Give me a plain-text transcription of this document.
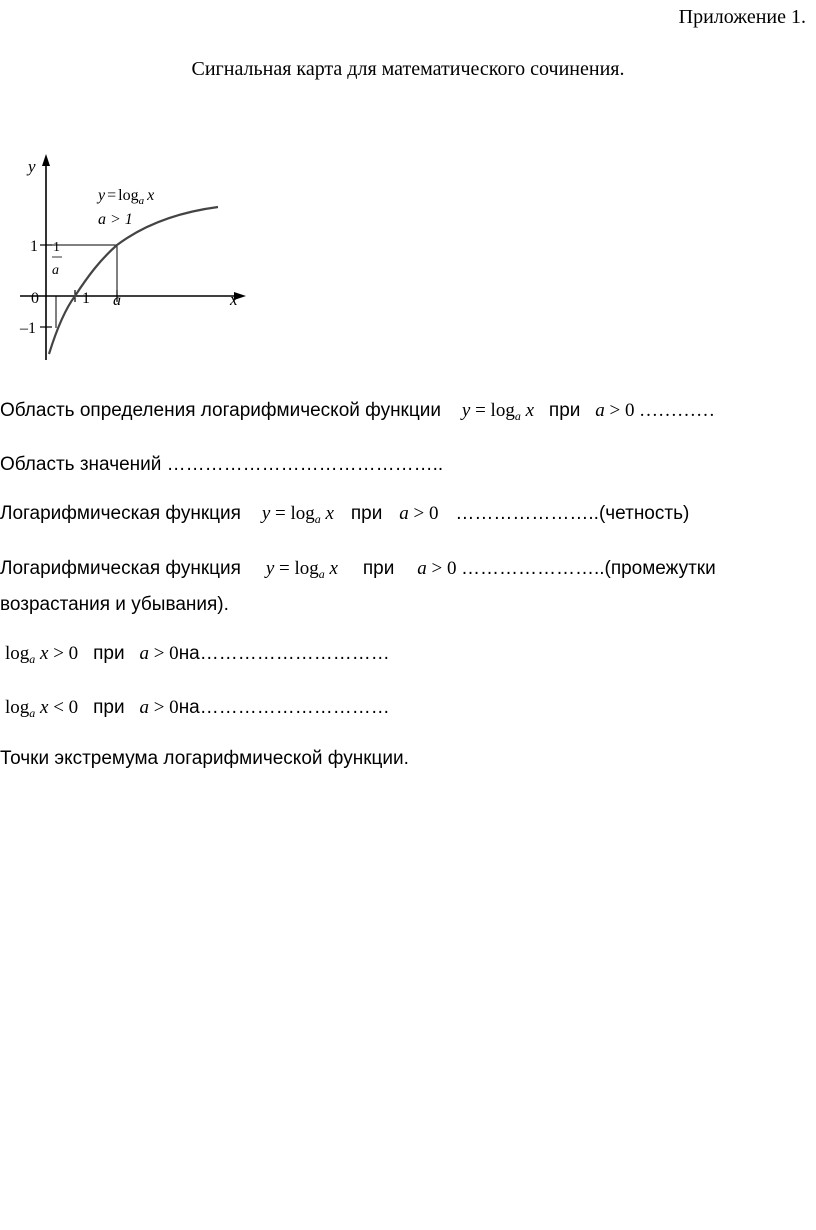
Приложение 1.
Сигнальная карта для математического сочинения.
y
x
$y = \log_a x$
a > 1
1 1
a
0	1 a
–1
Область определения логарифмической функции $y = \log_a x$ при a > 0 …………
Область значений ……………………………………..
Логарифмическая функция $y = \log_a x$ при a > 0 …………………..(четность)
Логарифмическая функция $y = \log_a x$ при a > 0 …………………..(промежутки
возрастания и убывания).
$\log_a x > 0$ при a > 0на…………………………
$\log_a x < 0$ при a > 0на…………………………
Точки экстремума логарифмической функции.
